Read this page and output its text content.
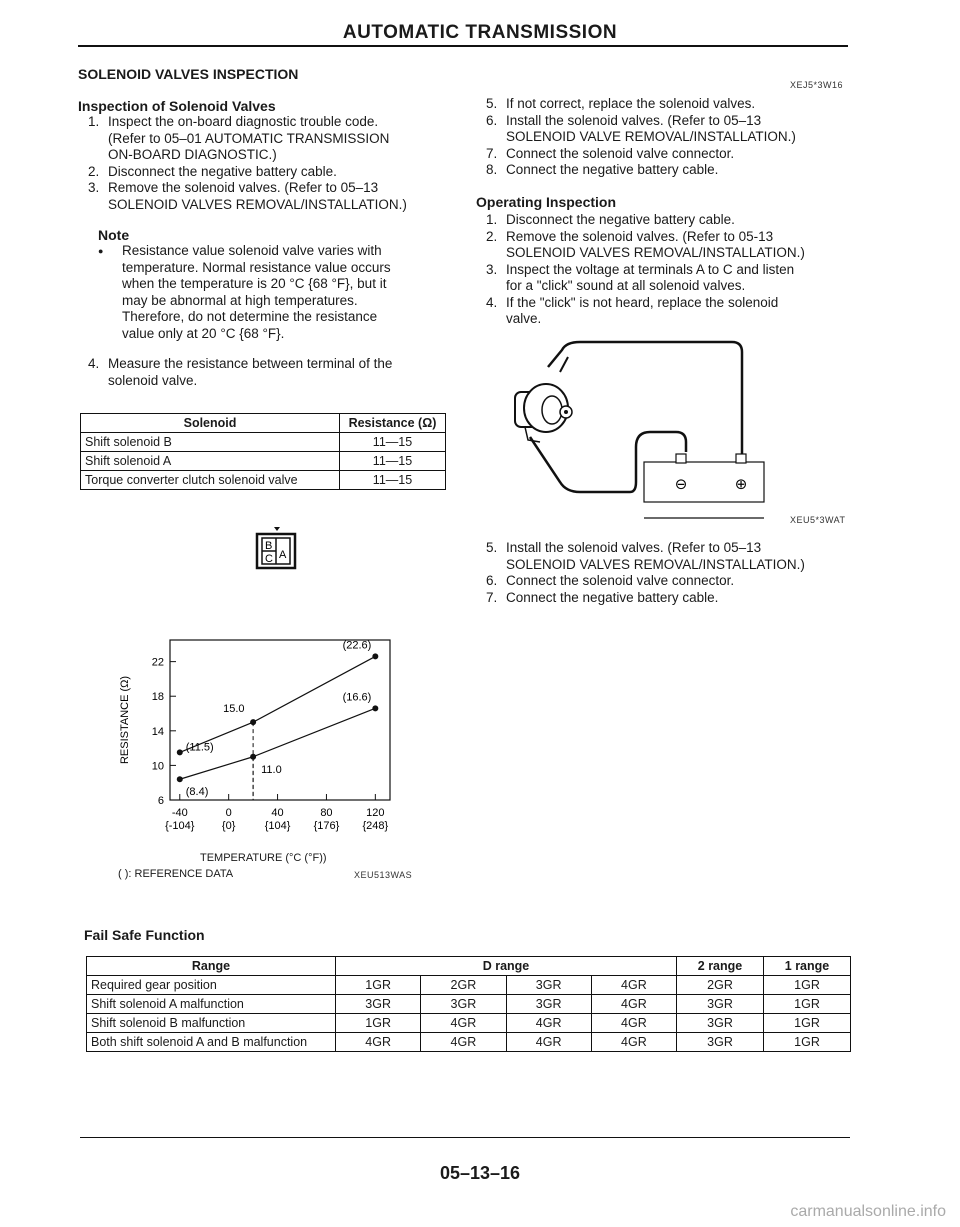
AUTOMATIC TRANSMISSION
SOLENOID VALVES INSPECTION
Inspection of Solenoid Valves
1. Inspect the on-board diagnostic trouble code.
(Refer to 05–01 AUTOMATIC TRANSMISSION
ON-BOARD DIAGNOSTIC.)
2. Disconnect the negative battery cable.
3. Remove the solenoid valves. (Refer to 05–13
SOLENOID VALVES REMOVAL/INSTALLATION.)
Note
● Resistance value solenoid valve varies with
temperature. Normal resistance value occurs
when the temperature is 20 °C {68 °F}, but it
may be abnormal at high temperatures.
Therefore, do not determine the resistance
value only at 20 °C {68 °F}.
4. Measure the resistance between terminal of the
solenoid valve.
Solenoid	Resistance (Ω)
Shift solenoid B	11—15
Shift solenoid A	11—15
Torque converter clutch solenoid valve	11—15
B
A
C
6
10
14
18
22
-40
{-104}
0
{0}
40
{104}
80
{176}
120
{248}
(11.5)
15.0
(22.6)
(8.4)
11.0
(16.6)
RESISTANCE (Ω)
TEMPERATURE (°C (°F))
( ): REFERENCE DATA	XEU513WAS
XEJ5*3W16
5. If not correct, replace the solenoid valves.
6. Install the solenoid valves. (Refer to 05–13
SOLENOID VALVE REMOVAL/INSTALLATION.)
7. Connect the solenoid valve connector.
8. Connect the negative battery cable.
Operating Inspection
1. Disconnect the negative battery cable.
2. Remove the solenoid valves. (Refer to 05-13
SOLENOID VALVES REMOVAL/INSTALLATION.)
3. Inspect the voltage at terminals A to C and listen
for a "click" sound at all solenoid valves.
4. If the "click" is not heard, replace the solenoid
valve.
⊖	⊕
XEU5*3WAT
5. Install the solenoid valves. (Refer to 05–13
SOLENOID VALVES REMOVAL/INSTALLATION.)
6. Connect the solenoid valve connector.
7. Connect the negative battery cable.
Fail Safe Function
Range	D range				2 range	1 range
Required gear position	1GR	2GR	3GR	4GR	2GR	1GR
Shift solenoid A malfunction	3GR	3GR	3GR	4GR	3GR	1GR
Shift solenoid B malfunction	1GR	4GR	4GR	4GR	3GR	1GR
Both shift solenoid A and B malfunction	4GR	4GR	4GR	4GR	3GR	1GR
05–13–16
carmanualsonline.info
